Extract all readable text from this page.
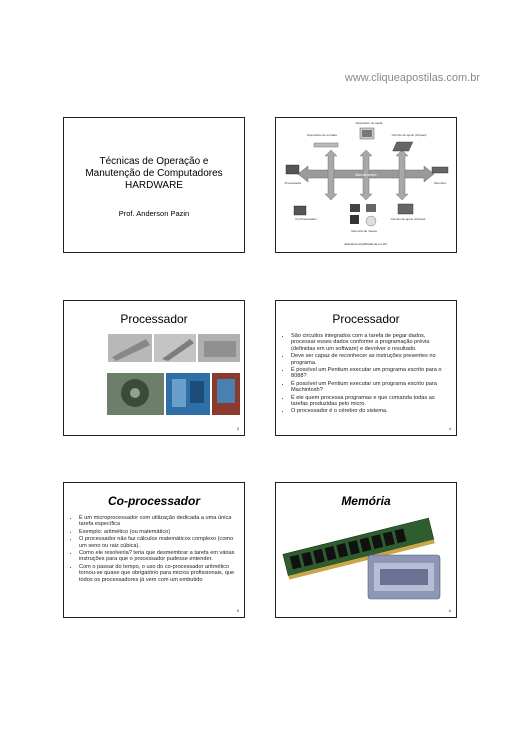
www.cliqueapostilas.com.br
Técnicas de Operação e
Manutenção de Computadores
HARDWARE
Prof. Anderson Pazin
Dispositivo de saída
Dispositivo de entrada	Circuito de apoio (chipset)
Barramento
Processador	Memória
Co-Processador	Circuito de apoio (chipset)
Memória de massa
Estrutura simplificada de um PC
Processador
3
Processador
• São circuitos integrados com a tarefa de pegar dados, processar esses dados conforme a programação prévia (definidas em um software) e devolver o resultado.
• Deve ser capaz de reconhecer as instruções presentes no programa.
• É possível um Pentium executar um programa escrito para o 8088?
• É possível um Pentium executar um programa escrito para Machintosh?
• É ele quem processa programas e que comanda todas as tarefas produzidas pelo micro.
• O processador é o cérebro do sistema.
4
Co-processador
• É um microprocessador com utilização dedicada a uma única tarefa específica
• Exemplo: aritmético (ou matemático)
• O processador não faz cálculos matemáticos complexo (como um seno ou raiz cúbica).
• Como ele resolveria? teria que desmembrar a tarefa em várias instruções para que o processador pudesse entender.
• Com o passar do tempo, o uso do co-processador aritmético tornou-se quase que obrigatório para micros profissionais, que todos os processadores já vem com um embutido
5
Memória
6
